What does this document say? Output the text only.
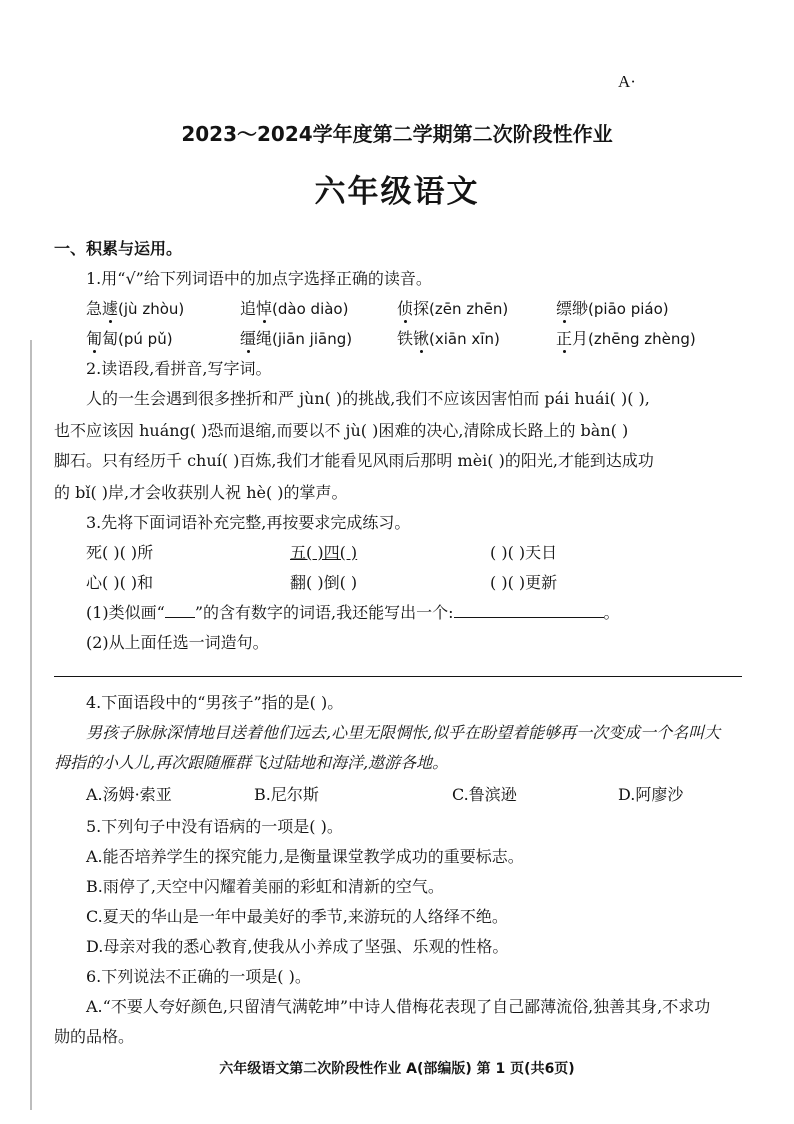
A·
2023～2024学年度第二学期第二次阶段性作业
六年级语文
一、积累与运用。
1.用“√”给下列词语中的加点字选择正确的读音。
急遽(jù zhòu)	追悼(dào diào)	侦探(zēn zhēn)	缥缈(piāo piáo)
匍匐(pú pǔ)	缰绳(jiān jiāng)	铁锹(xiān xīn)	正月(zhēng zhèng)
2.读语段,看拼音,写字词。
人的一生会遇到很多挫折和严 jùn( )的挑战,我们不应该因害怕而 pái huái( )( ),
也不应该因 huáng( )恐而退缩,而要以不 jù( )困难的决心,清除成长路上的 bàn( )
脚石。只有经历千 chuí( )百炼,我们才能看见风雨后那明 mèi( )的阳光,才能到达成功
的 bǐ( )岸,才会收获别人祝 hè( )的掌声。
3.先将下面词语补充完整,再按要求完成练习。
死( )( )所	五( )四( )	( )( )天日
心( )( )和	翻( )倒( )	( )( )更新
(1)类似画“ ”的含有数字的词语,我还能写出一个:	。
(2)从上面任选一词造句。
4.下面语段中的“男孩子”指的是( )。
男孩子脉脉深情地目送着他们远去,心里无限惆怅,似乎在盼望着能够再一次变成一个名叫大
拇指的小人儿,再次跟随雁群飞过陆地和海洋,遨游各地。
A.汤姆·索亚	B.尼尔斯	C.鲁滨逊	D.阿廖沙
5.下列句子中没有语病的一项是( )。
A.能否培养学生的探究能力,是衡量课堂教学成功的重要标志。
B.雨停了,天空中闪耀着美丽的彩虹和清新的空气。
C.夏天的华山是一年中最美好的季节,来游玩的人络绎不绝。
D.母亲对我的悉心教育,使我从小养成了坚强、乐观的性格。
6.下列说法不正确的一项是( )。
A.“不要人夸好颜色,只留清气满乾坤”中诗人借梅花表现了自己鄙薄流俗,独善其身,不求功
勋的品格。
六年级语文第二次阶段性作业 A(部编版) 第 1 页(共6页)
